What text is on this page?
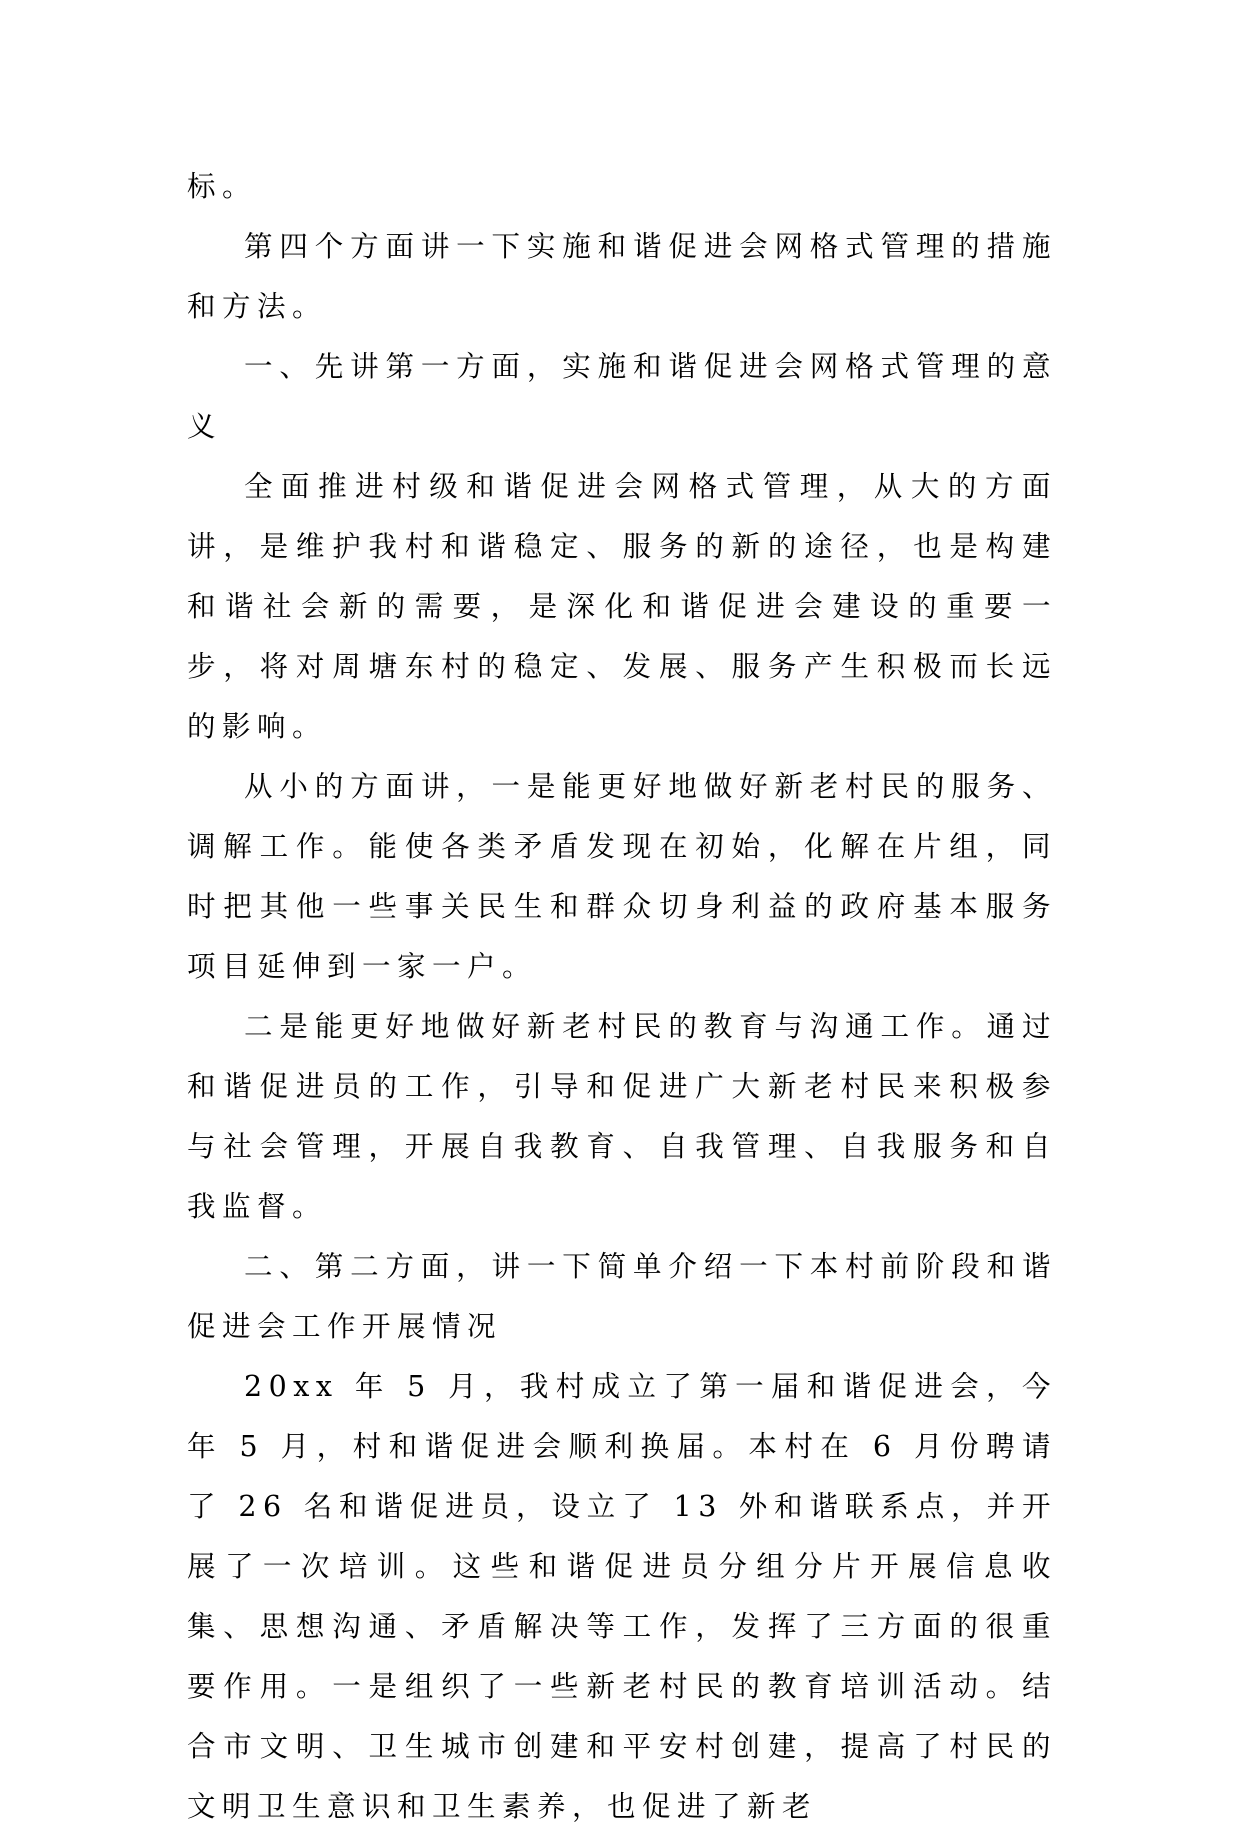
标。

第四个方面讲一下实施和谐促进会网格式管理的措施和方法。

一、先讲第一方面，实施和谐促进会网格式管理的意义

全面推进村级和谐促进会网格式管理，从大的方面讲，是维护我村和谐稳定、服务的新的途径，也是构建和谐社会新的需要，是深化和谐促进会建设的重要一步，将对周塘东村的稳定、发展、服务产生积极而长远的影响。

从小的方面讲，一是能更好地做好新老村民的服务、调解工作。能使各类矛盾发现在初始，化解在片组，同时把其他一些事关民生和群众切身利益的政府基本服务项目延伸到一家一户。

二是能更好地做好新老村民的教育与沟通工作。通过和谐促进员的工作，引导和促进广大新老村民来积极参与社会管理，开展自我教育、自我管理、自我服务和自我监督。

二、第二方面，讲一下简单介绍一下本村前阶段和谐促进会工作开展情况

20xx 年 5 月，我村成立了第一届和谐促进会，今年 5 月，村和谐促进会顺利换届。本村在 6 月份聘请了 26 名和谐促进员，设立了 13 外和谐联系点，并开展了一次培训。这些和谐促进员分组分片开展信息收集、思想沟通、矛盾解决等工作，发挥了三方面的很重要作用。一是组织了一些新老村民的教育培训活动。结合市文明、卫生城市创建和平安村创建，提高了村民的文明卫生意识和卫生素养，也促进了新老
